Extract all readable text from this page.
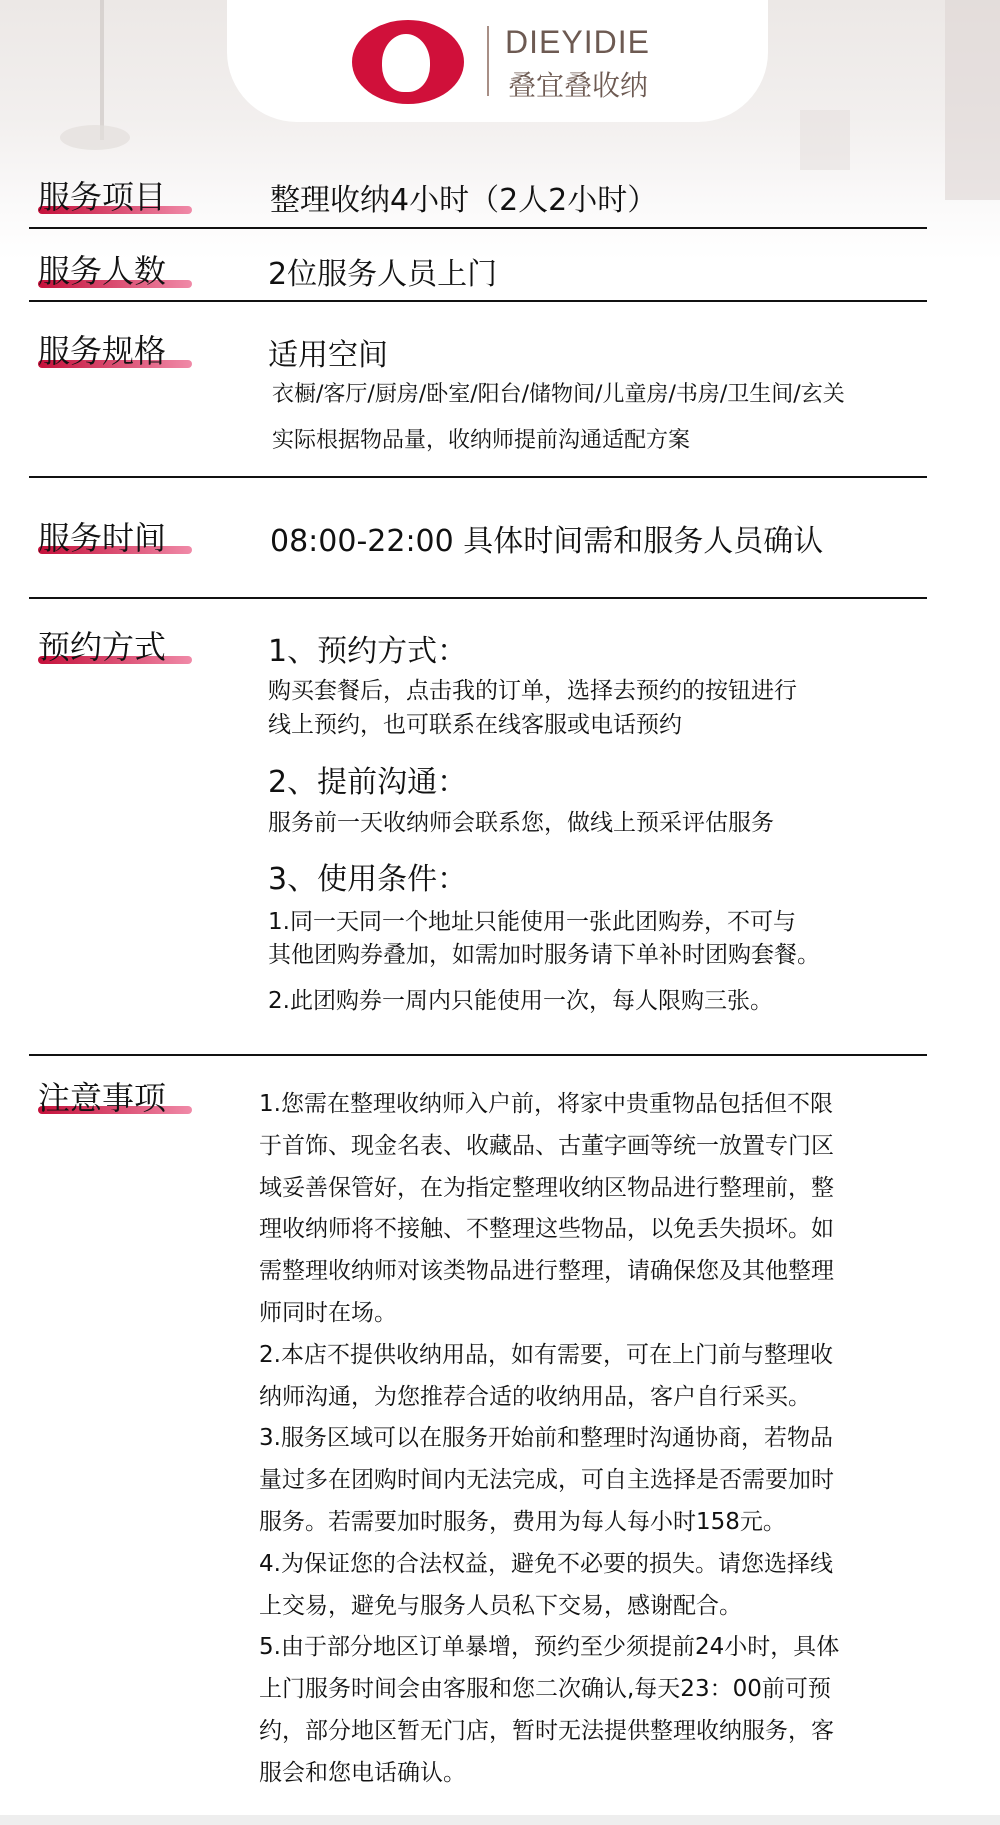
DIEYIDIE
叠宜叠收纳
服务项目	整理收纳4小时（2人2小时）
服务人数	2位服务人员上门
服务规格	适用空间
衣橱/客厅/厨房/卧室/阳台/储物间/儿童房/书房/卫生间/玄关
实际根据物品量，收纳师提前沟通适配方案
服务时间	08:00-22:00 具体时间需和服务人员确认
预约方式	1、预约方式：
购买套餐后，点击我的订单，选择去预约的按钮进行
线上预约，也可联系在线客服或电话预约
2、提前沟通：
服务前一天收纳师会联系您，做线上预采评估服务
3、使用条件：
1.同一天同一个地址只能使用一张此团购券，不可与
其他团购券叠加，如需加时服务请下单补时团购套餐。
2.此团购券一周内只能使用一次，每人限购三张。
注意事项	1.您需在整理收纳师入户前，将家中贵重物品包括但不限
于首饰、现金名表、收藏品、古董字画等统一放置专门区
域妥善保管好，在为指定整理收纳区物品进行整理前，整
理收纳师将不接触、不整理这些物品，以免丢失损坏。如
需整理收纳师对该类物品进行整理，请确保您及其他整理
师同时在场。
2.本店不提供收纳用品，如有需要，可在上门前与整理收
纳师沟通，为您推荐合适的收纳用品，客户自行采买。
3.服务区域可以在服务开始前和整理时沟通协商，若物品
量过多在团购时间内无法完成，可自主选择是否需要加时
服务。若需要加时服务，费用为每人每小时158元。
4.为保证您的合法权益，避免不必要的损失。请您选择线
上交易，避免与服务人员私下交易，感谢配合。
5.由于部分地区订单暴增，预约至少须提前24小时，具体
上门服务时间会由客服和您二次确认,每天23：00前可预
约，部分地区暂无门店，暂时无法提供整理收纳服务，客
服会和您电话确认。
